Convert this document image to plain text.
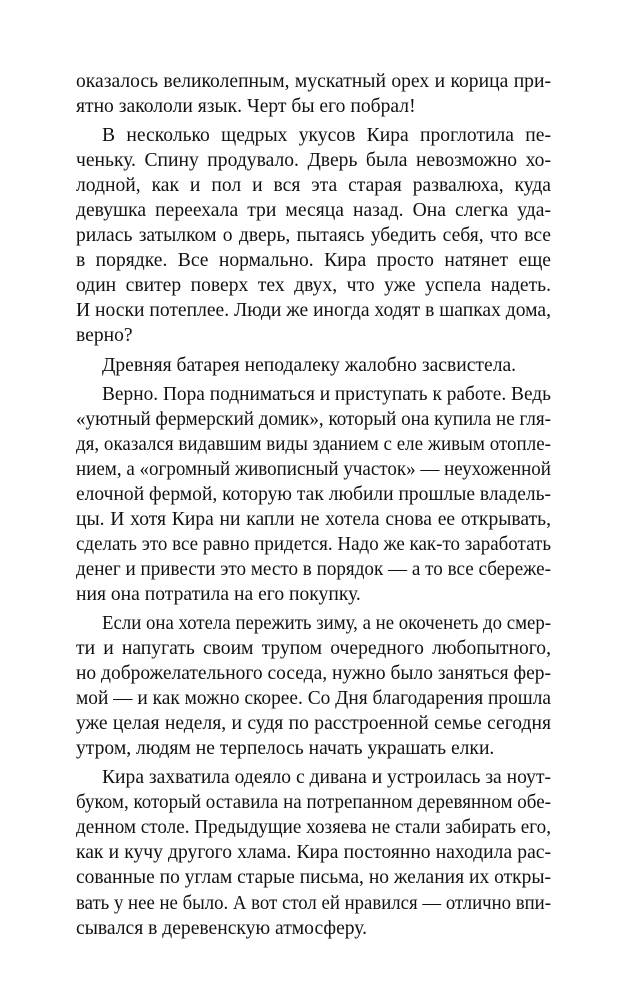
оказалось великолепным, мускатный орех и корица при-
ятно закололи язык. Черт бы его побрал!
В несколько щедрых укусов Кира проглотила пе-
ченьку. Спину продувало. Дверь была невозможно хо-
лодной, как и пол и вся эта старая развалюха, куда
девушка переехала три месяца назад. Она слегка уда-
рилась затылком о дверь, пытаясь убедить себя, что все
в порядке. Все нормально. Кира просто натянет еще
один свитер поверх тех двух, что уже успела надеть.
И носки потеплее. Люди же иногда ходят в шапках дома,
верно?
Древняя батарея неподалеку жалобно засвистела.
Верно. Пора подниматься и приступать к работе. Ведь
«уютный фермерский домик», который она купила не гля-
дя, оказался видавшим виды зданием с еле живым отопле-
нием, а «огромный живописный участок» — неухоженной
елочной фермой, которую так любили прошлые владель-
цы. И хотя Кира ни капли не хотела снова ее открывать,
сделать это все равно придется. Надо же как-то заработать
денег и привести это место в порядок — а то все сбереже-
ния она потратила на его покупку.
Если она хотела пережить зиму, а не окоченеть до смер-
ти и напугать своим трупом очередного любопытного,
но доброжелательного соседа, нужно было заняться фер-
мой — и как можно скорее. Со Дня благодарения прошла
уже целая неделя, и судя по расстроенной семье сегодня
утром, людям не терпелось начать украшать елки.
Кира захватила одеяло с дивана и устроилась за ноут-
буком, который оставила на потрепанном деревянном обе-
денном столе. Предыдущие хозяева не стали забирать его,
как и кучу другого хлама. Кира постоянно находила рас-
сованные по углам старые письма, но желания их откры-
вать у нее не было. А вот стол ей нравился — отлично впи-
сывался в деревенскую атмосферу.
